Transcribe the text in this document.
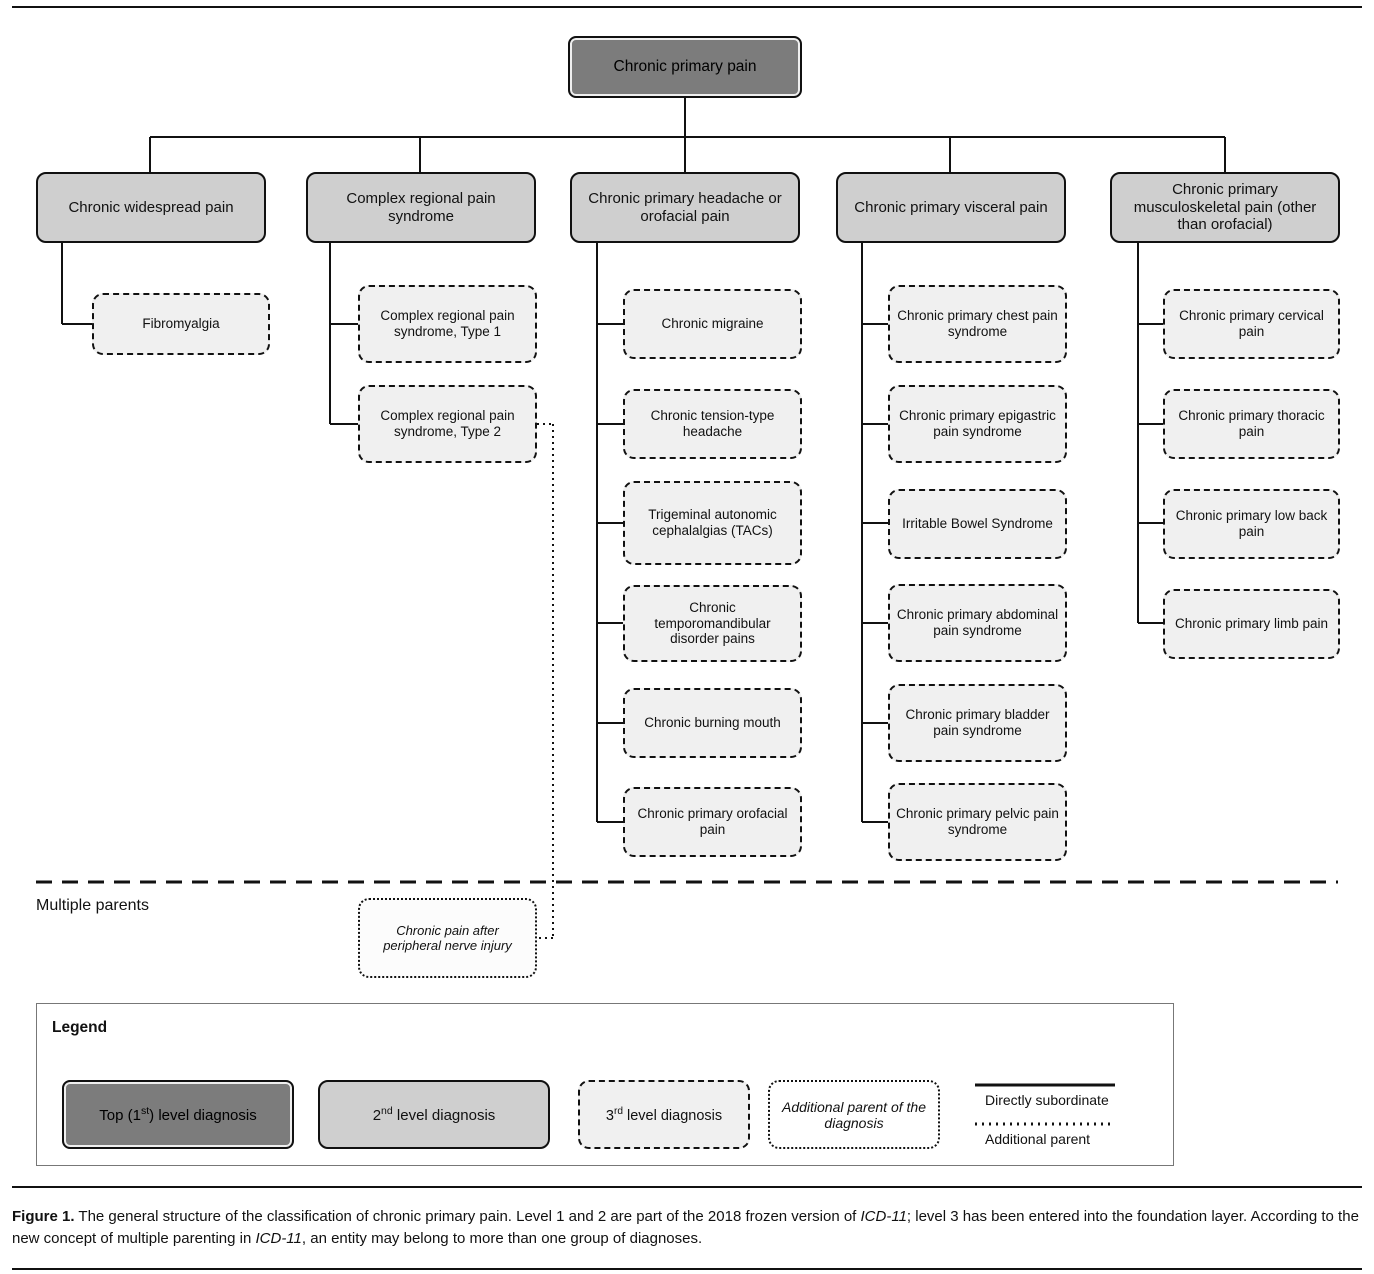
Chronic primary pain
Chronic widespread pain
Complex regional pain syndrome
Chronic primary headache or orofacial pain
Chronic primary visceral pain
Chronic primary musculoskeletal pain (other than orofacial)
Fibromyalgia
Complex regional pain syndrome, Type 1
Complex regional pain syndrome, Type 2
Chronic migraine
Chronic tension-type headache
Trigeminal autonomic cephalalgias (TACs)
Chronic temporomandibular disorder pains
Chronic burning mouth
Chronic primary orofacial pain
Chronic primary chest pain syndrome
Chronic primary epigastric pain syndrome
Irritable Bowel Syndrome
Chronic primary abdominal pain syndrome
Chronic primary bladder pain syndrome
Chronic primary pelvic pain syndrome
Chronic primary cervical pain
Chronic primary thoracic pain
Chronic primary low back pain
Chronic primary limb pain
Multiple parents
Chronic pain after peripheral nerve injury
Legend
Top (1st) level diagnosis	2nd level diagnosis	3rd level diagnosis
Additional parent of the diagnosis
Directly subordinate
Additional parent
Figure 1. The general structure of the classification of chronic primary pain. Level 1 and 2 are part of the 2018 frozen version of ICD-11; level 3 has been entered into the foundation layer. According to the new concept of multiple parenting in ICD-11, an entity may belong to more than one group of diagnoses.
